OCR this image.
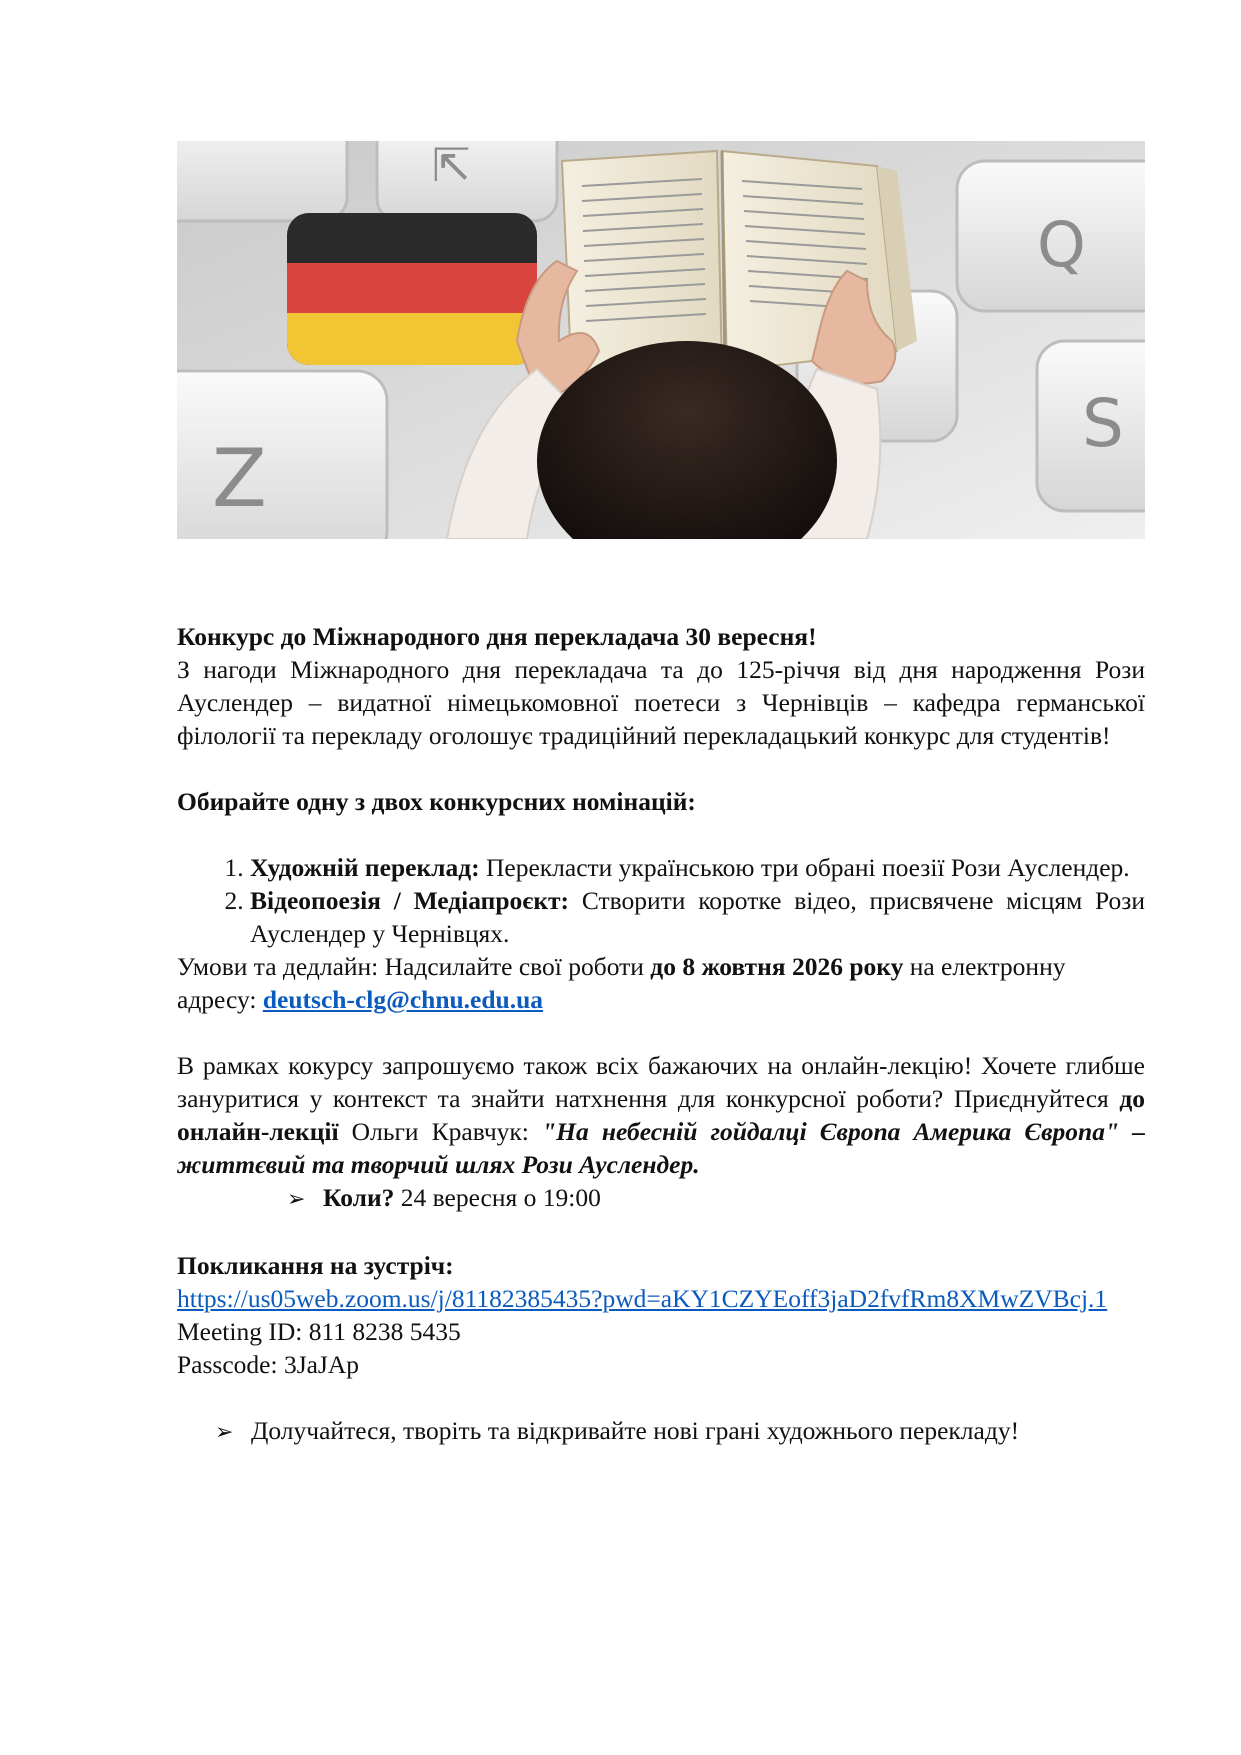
⇱
Q
S
Z

Конкурс до Міжнародного дня перекладача 30 вересня!

З нагоди Міжнародного дня перекладача та до 125-річчя від дня народження Рози Ауслендер – видатної німецькомовної поетеси з Чернівців – кафедра германської філології та перекладу оголошує традиційний перекладацький конкурс для студентів!

Обирайте одну з двох конкурсних номінацій:

1. Художній переклад: Перекласти українською три обрані поезії Рози Ауслендер.
2. Відеопоезія / Медіапроєкт: Створити коротке відео, присвячене місцям Рози Ауслендер у Чернівцях.

Умови та дедлайн: Надсилайте свої роботи до 8 жовтня 2026 року на електронну адресу: deutsch-clg@chnu.edu.ua

В рамках кокурсу запрошуємо також всіх бажаючих на онлайн-лекцію! Хочете глибше зануритися у контекст та знайти натхнення для конкурсної роботи? Приєднуйтеся до онлайн-лекції Ольги Кравчук: "На небесній гойдалці Європа Америка Європа" – життєвий та творчий шлях Рози Ауслендер.

➢ Коли? 24 вересня о 19:00

Покликання на зустріч:

https://us05web.zoom.us/j/81182385435?pwd=aKY1CZYEoff3jaD2fvfRm8XMwZVBcj.1

Meeting ID: 811 8238 5435

Passcode: 3JaJAp

➢ Долучайтеся, творіть та відкривайте нові грані художнього перекладу!
